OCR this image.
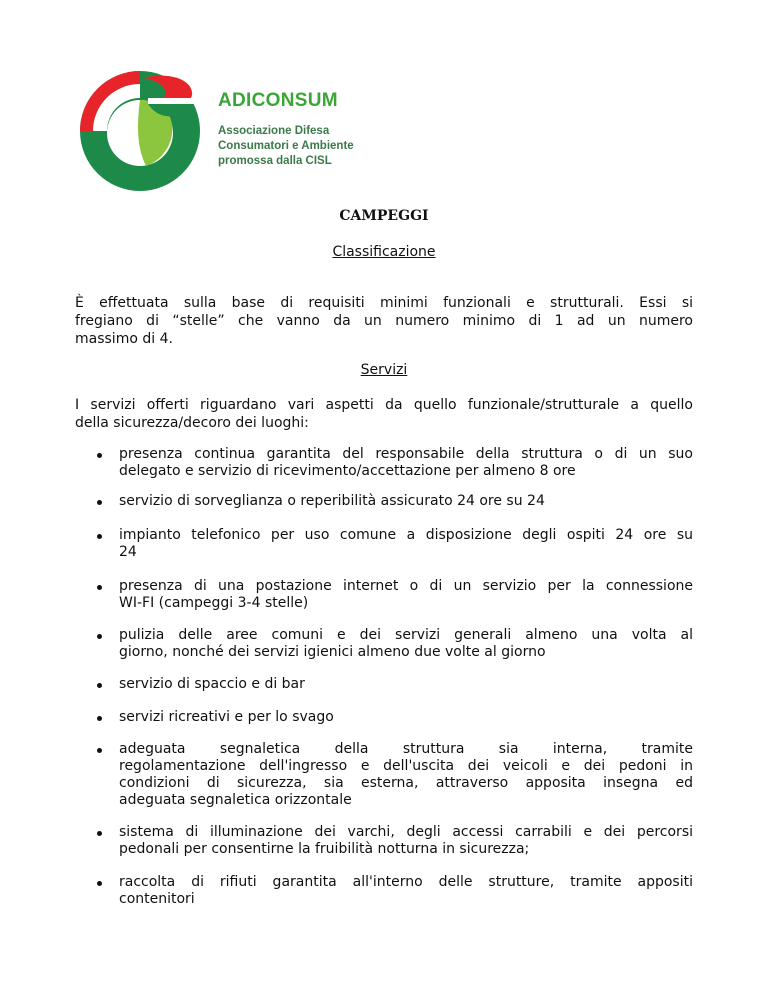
ADICONSUM
Associazione Difesa
Consumatori e Ambiente
promossa dalla CISL
CAMPEGGI
Classificazione
È effettuata sulla base di requisiti minimi funzionali e strutturali. Essi si
fregiano di “stelle” che vanno da un numero minimo di 1 ad un numero
massimo di 4.
Servizi
I servizi offerti riguardano vari aspetti da quello funzionale/strutturale a quello
della sicurezza/decoro dei luoghi:
presenza continua garantita del responsabile della struttura o di un suo
delegato e servizio di ricevimento/accettazione per almeno 8 ore
servizio di sorveglianza o reperibilità assicurato 24 ore su 24
impianto telefonico per uso comune a disposizione degli ospiti 24 ore su
24
presenza di una postazione internet o di un servizio per la connessione
WI-FI (campeggi 3-4 stelle)
pulizia delle aree comuni e dei servizi generali almeno una volta al
giorno, nonché dei servizi igienici almeno due volte al giorno
servizio di spaccio e di bar
servizi ricreativi e per lo svago
adeguata segnaletica della struttura sia interna, tramite
regolamentazione dell'ingresso e dell'uscita dei veicoli e dei pedoni in
condizioni di sicurezza, sia esterna, attraverso apposita insegna ed
adeguata segnaletica orizzontale
sistema di illuminazione dei varchi, degli accessi carrabili e dei percorsi
pedonali per consentirne la fruibilità notturna in sicurezza;
raccolta di rifiuti garantita all'interno delle strutture, tramite appositi
contenitori
